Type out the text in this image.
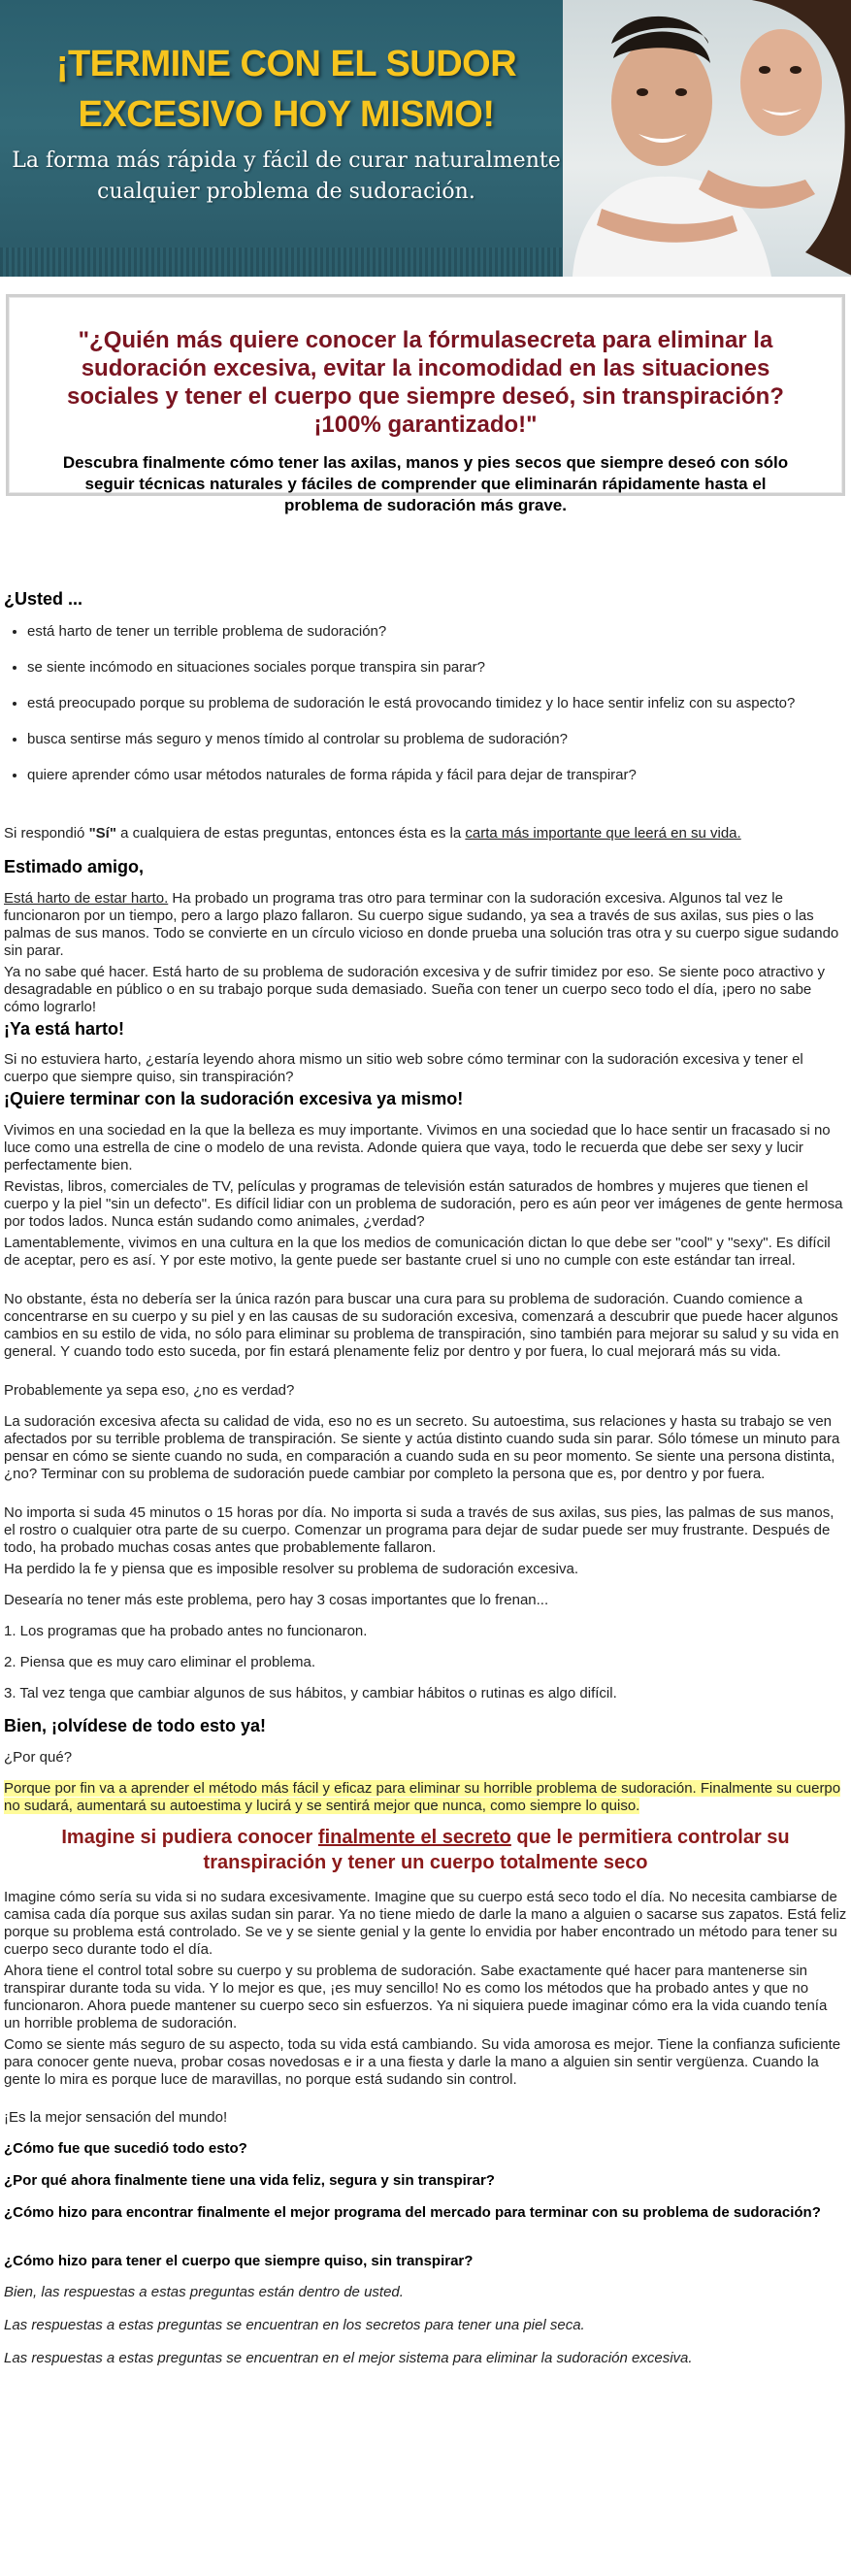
¡TERMINE CON EL SUDOR EXCESIVO HOY MISMO!
La forma más rápida y fácil de curar naturalmente cualquier problema de sudoración.

"¿Quién más quiere conocer la fórmulasecreta para eliminar la sudoración excesiva, evitar la incomodidad en las situaciones sociales y tener el cuerpo que siempre deseó, sin transpiración? ¡100% garantizado!"

Descubra finalmente cómo tener las axilas, manos y pies secos que siempre deseó con sólo seguir técnicas naturales y fáciles de comprender que eliminarán rápidamente hasta el problema de sudoración más grave.

¿Usted ...
• está harto de tener un terrible problema de sudoración?
• se siente incómodo en situaciones sociales porque transpira sin parar?
• está preocupado porque su problema de sudoración le está provocando timidez y lo hace sentir infeliz con su aspecto?
• busca sentirse más seguro y menos tímido al controlar su problema de sudoración?
• quiere aprender cómo usar métodos naturales de forma rápida y fácil para dejar de transpirar?

Si respondió "Sí" a cualquiera de estas preguntas, entonces ésta es la carta más importante que leerá en su vida.

Estimado amigo,

Está harto de estar harto. Ha probado un programa tras otro para terminar con la sudoración excesiva. Algunos tal vez le funcionaron por un tiempo, pero a largo plazo fallaron. Su cuerpo sigue sudando, ya sea a través de sus axilas, sus pies o las palmas de sus manos. Todo se convierte en un círculo vicioso en donde prueba una solución tras otra y su cuerpo sigue sudando sin parar.

Ya no sabe qué hacer. Está harto de su problema de sudoración excesiva y de sufrir timidez por eso. Se siente poco atractivo y desagradable en público o en su trabajo porque suda demasiado. Sueña con tener un cuerpo seco todo el día, ¡pero no sabe cómo lograrlo!

¡Ya está harto!

Si no estuviera harto, ¿estaría leyendo ahora mismo un sitio web sobre cómo terminar con la sudoración excesiva y tener el cuerpo que siempre quiso, sin transpiración?

¡Quiere terminar con la sudoración excesiva ya mismo!

Vivimos en una sociedad en la que la belleza es muy importante. Vivimos en una sociedad que lo hace sentir un fracasado si no luce como una estrella de cine o modelo de una revista. Adonde quiera que vaya, todo le recuerda que debe ser sexy y lucir perfectamente bien.

Revistas, libros, comerciales de TV, películas y programas de televisión están saturados de hombres y mujeres que tienen el cuerpo y la piel "sin un defecto". Es difícil lidiar con un problema de sudoración, pero es aún peor ver imágenes de gente hermosa por todos lados. Nunca están sudando como animales, ¿verdad?

Lamentablemente, vivimos en una cultura en la que los medios de comunicación dictan lo que debe ser "cool" y "sexy". Es difícil de aceptar, pero es así. Y por este motivo, la gente puede ser bastante cruel si uno no cumple con este estándar tan irreal.

No obstante, ésta no debería ser la única razón para buscar una cura para su problema de sudoración. Cuando comience a concentrarse en su cuerpo y su piel y en las causas de su sudoración excesiva, comenzará a descubrir que puede hacer algunos cambios en su estilo de vida, no sólo para eliminar su problema de transpiración, sino también para mejorar su salud y su vida en general. Y cuando todo esto suceda, por fin estará plenamente feliz por dentro y por fuera, lo cual mejorará más su vida.

Probablemente ya sepa eso, ¿no es verdad?

La sudoración excesiva afecta su calidad de vida, eso no es un secreto. Su autoestima, sus relaciones y hasta su trabajo se ven afectados por su terrible problema de transpiración. Se siente y actúa distinto cuando suda sin parar. Sólo tómese un minuto para pensar en cómo se siente cuando no suda, en comparación a cuando suda en su peor momento. Se siente una persona distinta, ¿no? Terminar con su problema de sudoración puede cambiar por completo la persona que es, por dentro y por fuera.

No importa si suda 45 minutos o 15 horas por día. No importa si suda a través de sus axilas, sus pies, las palmas de sus manos, el rostro o cualquier otra parte de su cuerpo. Comenzar un programa para dejar de sudar puede ser muy frustrante. Después de todo, ha probado muchas cosas antes que probablemente fallaron.

Ha perdido la fe y piensa que es imposible resolver su problema de sudoración excesiva.

Desearía no tener más este problema, pero hay 3 cosas importantes que lo frenan...

1. Los programas que ha probado antes no funcionaron.

2. Piensa que es muy caro eliminar el problema.

3. Tal vez tenga que cambiar algunos de sus hábitos, y cambiar hábitos o rutinas es algo difícil.

Bien, ¡olvídese de todo esto ya!

¿Por qué?

Porque por fin va a aprender el método más fácil y eficaz para eliminar su horrible problema de sudoración. Finalmente su cuerpo no sudará, aumentará su autoestima y lucirá y se sentirá mejor que nunca, como siempre lo quiso.

Imagine si pudiera conocer finalmente el secreto que le permitiera controlar su transpiración y tener un cuerpo totalmente seco

Imagine cómo sería su vida si no sudara excesivamente. Imagine que su cuerpo está seco todo el día. No necesita cambiarse de camisa cada día porque sus axilas sudan sin parar. Ya no tiene miedo de darle la mano a alguien o sacarse sus zapatos. Está feliz porque su problema está controlado. Se ve y se siente genial y la gente lo envidia por haber encontrado un método para tener su cuerpo seco durante todo el día.

Ahora tiene el control total sobre su cuerpo y su problema de sudoración. Sabe exactamente qué hacer para mantenerse sin transpirar durante toda su vida. Y lo mejor es que, ¡es muy sencillo! No es como los métodos que ha probado antes y que no funcionaron. Ahora puede mantener su cuerpo seco sin esfuerzos. Ya ni siquiera puede imaginar cómo era la vida cuando tenía un horrible problema de sudoración.

Como se siente más seguro de su aspecto, toda su vida está cambiando. Su vida amorosa es mejor. Tiene la confianza suficiente para conocer gente nueva, probar cosas novedosas e ir a una fiesta y darle la mano a alguien sin sentir vergüenza. Cuando la gente lo mira es porque luce de maravillas, no porque está sudando sin control.

¡Es la mejor sensación del mundo!

¿Cómo fue que sucedió todo esto?

¿Por qué ahora finalmente tiene una vida feliz, segura y sin transpirar?

¿Cómo hizo para encontrar finalmente el mejor programa del mercado para terminar con su problema de sudoración?

¿Cómo hizo para tener el cuerpo que siempre quiso, sin transpirar?

Bien, las respuestas a estas preguntas están dentro de usted.

Las respuestas a estas preguntas se encuentran en los secretos para tener una piel seca.

Las respuestas a estas preguntas se encuentran en el mejor sistema para eliminar la sudoración excesiva.
